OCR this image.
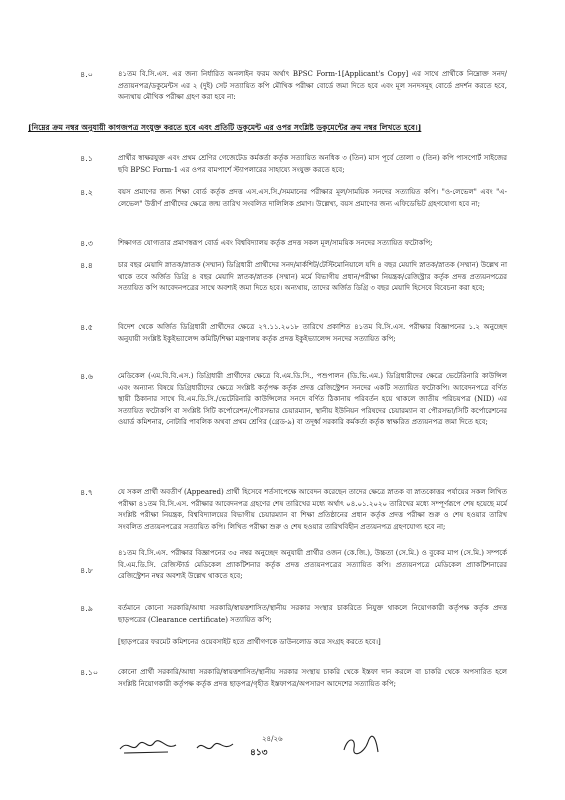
৪.০	৪১তম বি.সি.এস. এর জন্য নির্ধারিত অনলাইন ফরম অর্থাৎ BPSC Form-1[Applicant's Copy] এর সাথে প্রার্থীকে নিম্নোক্ত সনদ/প্রত্যয়নপত্র/ডকুমেন্টস এর ২ (দুই) সেট সত্যায়িত কপি মৌখিক পরীক্ষা বোর্ডে জমা দিতে হবে এবং মূল সনদসমূহ বোর্ডে প্রদর্শন করতে হবে, অন্যথায় মৌখিক পরীক্ষা গ্রহণ করা হবে না:
[নিম্নের ক্রম নম্বর অনুযায়ী কাগজপত্র সংযুক্ত করতে হবে এবং প্রতিটি ডকুমেন্ট এর ওপর সংশ্লিষ্ট ডকুমেন্টের ক্রম নম্বর লিখতে হবে।]
৪.১	প্রার্থীর স্বাক্ষরযুক্ত এবং প্রথম শ্রেণির গেজেটেড কর্মকর্তা কর্তৃক সত্যায়িত অনধিক ৩ (তিন) মাস পূর্বে তোলা ৩ (তিন) কপি পাসপোর্ট সাইজের ছবি BPSC Form-1 এর ওপর বামপার্শে স্ট্যাপলারের সাহায্যে সংযুক্ত করতে হবে;
৪.২	বয়স প্রমাণের জন্য শিক্ষা বোর্ড কর্তৃক প্রদত্ত এস.এস.সি./সমমানের পরীক্ষার মূল/সাময়িক সনদের সত্যায়িত কপি। "ও-লেভেল" এবং "এ-লেভেল" উত্তীর্ণ প্রার্থীদের ক্ষেত্রে জন্ম তারিখ সংবলিত দালিলিক প্রমাণ। উল্লেখ্য, বয়স প্রমাণের জন্য এফিডেভিট গ্রহণযোগ্য হবে না;
৪.৩	শিক্ষাগত যোগ্যতার প্রমাণস্বরূপ বোর্ড এবং বিশ্ববিদ্যালয় কর্তৃক প্রদত্ত সকল মূল/সাময়িক সনদের সত্যায়িত ফটোকপি;
৪.৪	চার বছর মেয়াদি স্নাতক/স্নাতক (সম্মান) ডিগ্রিধারী প্রার্থীদের সনদ/মার্কশিট/টেস্টিমোনিয়ালে যদি ৪ বছর মেয়াদি স্নাতক/স্নাতক (সম্মান) উল্লেখ না থাকে তবে অর্জিত ডিগ্রি ৪ বছর মেয়াদি স্নাতক/স্নাতক (সম্মান) মর্মে বিভাগীয় প্রধান/পরীক্ষা নিয়ন্ত্রক/রেজিস্ট্রার কর্তৃক প্রদত্ত প্রত্যয়নপত্রের সত্যায়িত কপি আবেদনপত্রের সাথে অবশ্যই জমা দিতে হবে। অন্যথায়, তাদের অর্জিত ডিগ্রি ৩ বছর মেয়াদি হিসেবে বিবেচনা করা হবে;
৪.৫	বিদেশ থেকে অর্জিত ডিগ্রিধারী প্রার্থীদের ক্ষেত্রে ২৭.১১.২০১৮ তারিখে প্রকাশিত ৪১তম বি.সি.এস. পরীক্ষার বিজ্ঞাপনের ১.২ অনুচ্ছেদ অনুযায়ী সংশ্লিষ্ট ইকুইভ্যালেন্স কমিটি/শিক্ষা মন্ত্রণালয় কর্তৃক প্রদত্ত ইকুইভ্যালেন্স সনদের সত্যায়িত কপি;
৪.৬	মেডিকেল (এম.বি.বি.এস.) ডিগ্রিধারী প্রার্থীদের ক্ষেত্রে বি.এম.ডি.সি., পশুপালন (ডি.ভি.এম.) ডিগ্রিধারীদের ক্ষেত্রে ভেটেরিনারি কাউন্সিল এবং অন্যান্য বিষয়ে ডিগ্রিধারীদের ক্ষেত্রে সংশ্লিষ্ট কর্তৃপক্ষ কর্তৃক প্রদত্ত রেজিস্ট্রেশন সনদের একটি সত্যায়িত ফটোকপি। আবেদনপত্রে বর্ণিত স্থায়ী ঠিকানার সাথে বি.এম.ডি.সি./ভেটেরিনারি কাউন্সিলের সনদে বর্ণিত ঠিকানায় পরিবর্তন হয়ে থাকলে জাতীয় পরিচয়পত্র (NID) এর সত্যায়িত ফটোকপি বা সংশ্লিষ্ট সিটি কর্পোরেশন/পৌরসভার চেয়ারম্যান, স্থানীয় ইউনিয়ন পরিষদের চেয়ারম্যান বা পৌরসভা/সিটি কর্পোরেশনের ওয়ার্ড কমিশনার, নোটারি পাবলিক অথবা প্রথম শ্রেণির (গ্রেড-৯) বা তদূর্ধ্ব সরকারি কর্মকর্তা কর্তৃক স্বাক্ষরিত প্রত্যয়নপত্র জমা দিতে হবে;
৪.৭	যে সকল প্রার্থী অবতীর্ণ (Appeared) প্রার্থী হিসেবে শর্তসাপেক্ষে আবেদন করেছেন তাদের ক্ষেত্রে স্নাতক বা স্নাতকোত্তর পর্যায়ের সকল লিখিত পরীক্ষা ৪১তম বি.সি.এস. পরীক্ষার আবেদনপত্র গ্রহণের শেষ তারিখের মধ্যে অর্থাৎ ০৪.০১.২০২০ তারিখের মধ্যে সম্পূর্ণরূপে শেষ হয়েছে মর্মে সংশ্লিষ্ট পরীক্ষা নিয়ন্ত্রক, বিশ্ববিদ্যালয়ের বিভাগীয় চেয়ারম্যান বা শিক্ষা প্রতিষ্ঠানের প্রধান কর্তৃক প্রদত্ত পরীক্ষা শুরু ও শেষ হওয়ার তারিখ সংবলিত প্রত্যয়নপত্রের সত্যায়িত কপি। লিখিত পরীক্ষা শুরু ও শেষ হওয়ার তারিখবিহীন প্রত্যয়নপত্র গ্রহণযোগ্য হবে না;
৪.৮
৪১তম বি.সি.এস. পরীক্ষার বিজ্ঞাপনের ৩৫ নম্বর অনুচ্ছেদ অনুযায়ী প্রার্থীর ওজন (কে.জি.), উচ্চতা (সে.মি.) ও বুকের মাপ (সে.মি.) সম্পর্কে বি.এম.ডি.সি. রেজিস্টার্ড মেডিকেল প্র্যাকটিশনার কর্তৃক প্রদত্ত প্রত্যয়নপত্রের সত্যায়িত কপি। প্রত্যয়নপত্রে মেডিকেল প্র্যাকটিশনারের রেজিস্ট্রেশন নম্বর অবশ্যই উল্লেখ থাকতে হবে;
৪.৯	বর্তমানে কোনো সরকারি/আধা সরকারি/স্বায়ত্তশাসিত/স্থানীয় সরকার সংস্থার চাকরিতে নিযুক্ত থাকলে নিয়োগকারী কর্তৃপক্ষ কর্তৃক প্রদত্ত ছাড়পত্রের (Clearance certificate) সত্যায়িত কপি;
[ছাড়পত্রের ফরমেট কমিশনের ওয়েবসাইট হতে প্রার্থীগণকে ডাউনলোড করে সংগ্রহ করতে হবে।]
৪.১০	কোনো প্রার্থী সরকারি/আধা সরকারি/স্বায়ত্তশাসিত/স্থানীয় সরকার সংস্থায় চাকরি থেকে ইস্তফা দান করলে বা চাকরি থেকে অপসারিত হলে সংশ্লিষ্ট নিয়োগকারী কর্তৃপক্ষ কর্তৃক প্রদত্ত ছাড়পত্র/গৃহীত ইস্তফাপত্র/অপসারণ আদেশের সত্যায়িত কপি;
২৪/২৬
৪১৩
